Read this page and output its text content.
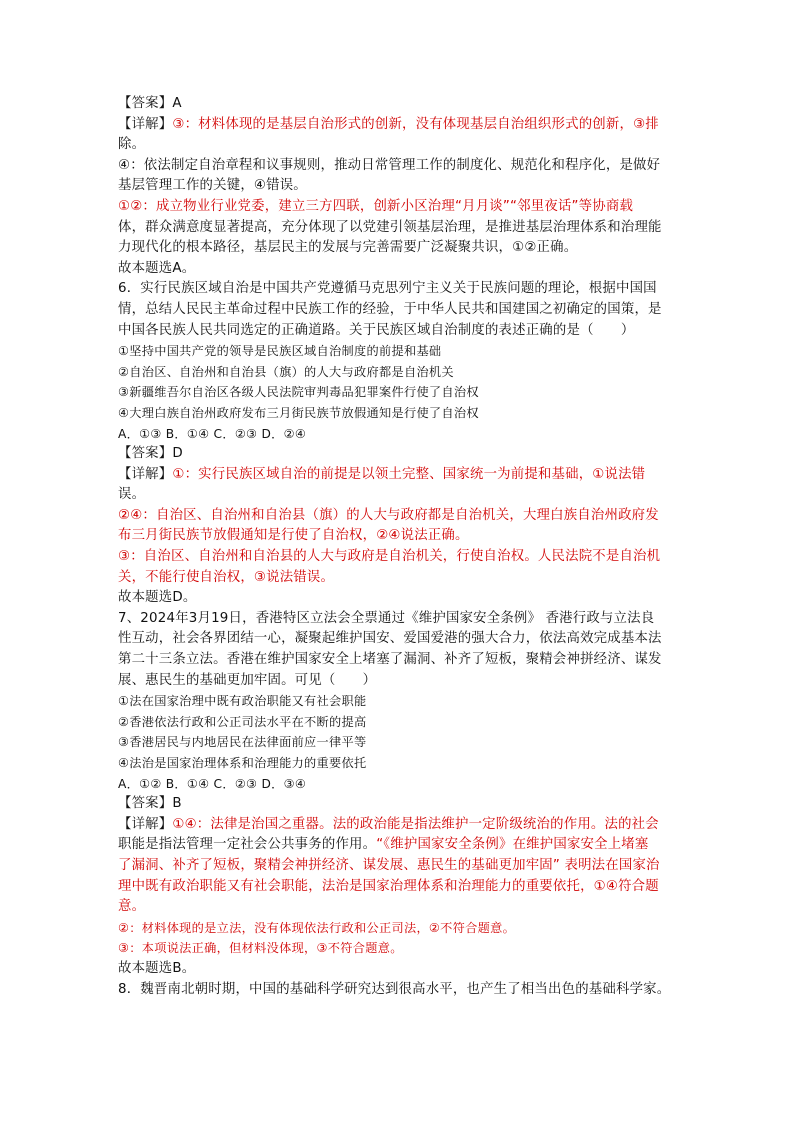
【答案】A
【详解】③：材料体现的是基层自治形式的创新，没有体现基层自治组织形式的创新，③排
除。
④：依法制定自治章程和议事规则，推动日常管理工作的制度化、规范化和程序化，是做好
基层管理工作的关键，④错误。
①②：成立物业行业党委，建立三方四联，创新小区治理“月月谈”“邻里夜话”等协商载
体，群众满意度显著提高，充分体现了以党建引领基层治理，是推进基层治理体系和治理能
力现代化的根本路径，基层民主的发展与完善需要广泛凝聚共识，①②正确。
故本题选A。
6．实行民族区域自治是中国共产党遵循马克思列宁主义关于民族问题的理论，根据中国国
情，总结人民民主革命过程中民族工作的经验，于中华人民共和国建国之初确定的国策，是
中国各民族人民共同选定的正确道路。关于民族区域自治制度的表述正确的是（　　）
①坚持中国共产党的领导是民族区域自治制度的前提和基础
②自治区、自治州和自治县（旗）的人大与政府都是自治机关
③新疆维吾尔自治区各级人民法院审判毒品犯罪案件行使了自治权
④大理白族自治州政府发布三月街民族节放假通知是行使了自治权
A．①③ B．①④ C．②③ D．②④
【答案】D
【详解】①：实行民族区域自治的前提是以领土完整、国家统一为前提和基础，①说法错
误。
②④：自治区、自治州和自治县（旗）的人大与政府都是自治机关，大理白族自治州政府发
布三月街民族节放假通知是行使了自治权，②④说法正确。
③：自治区、自治州和自治县的人大与政府是自治机关，行使自治权。人民法院不是自治机
关，不能行使自治权，③说法错误。
故本题选D。
7、2024年3月19日，香港特区立法会全票通过《维护国家安全条例》 香港行政与立法良
性互动，社会各界团结一心，凝聚起维护国安、爱国爱港的强大合力，依法高效完成基本法
第二十三条立法。香港在维护国家安全上堵塞了漏洞、补齐了短板，聚精会神拼经济、谋发
展、惠民生的基础更加牢固。可见（　　）
①法在国家治理中既有政治职能又有社会职能
②香港依法行政和公正司法水平在不断的提高
③香港居民与内地居民在法律面前应一律平等
④法治是国家治理体系和治理能力的重要依托
A．①② B．①④ C．②③ D．③④
【答案】B
【详解】①④：法律是治国之重器。法的政治能是指法维护一定阶级统治的作用。法的社会
职能是指法管理一定社会公共事务的作用。“《维护国家安全条例》在维护国家安全上堵塞
了漏洞、补齐了短板，聚精会神拼经济、谋发展、惠民生的基础更加牢固” 表明法在国家治
理中既有政治职能又有社会职能，法治是国家治理体系和治理能力的重要依托，①④符合题
意。
②：材料体现的是立法，没有体现依法行政和公正司法，②不符合题意。
③：本项说法正确，但材料没体现，③不符合题意。
故本题选B。
8．魏晋南北朝时期，中国的基础科学研究达到很高水平，也产生了相当出色的基础科学家。
